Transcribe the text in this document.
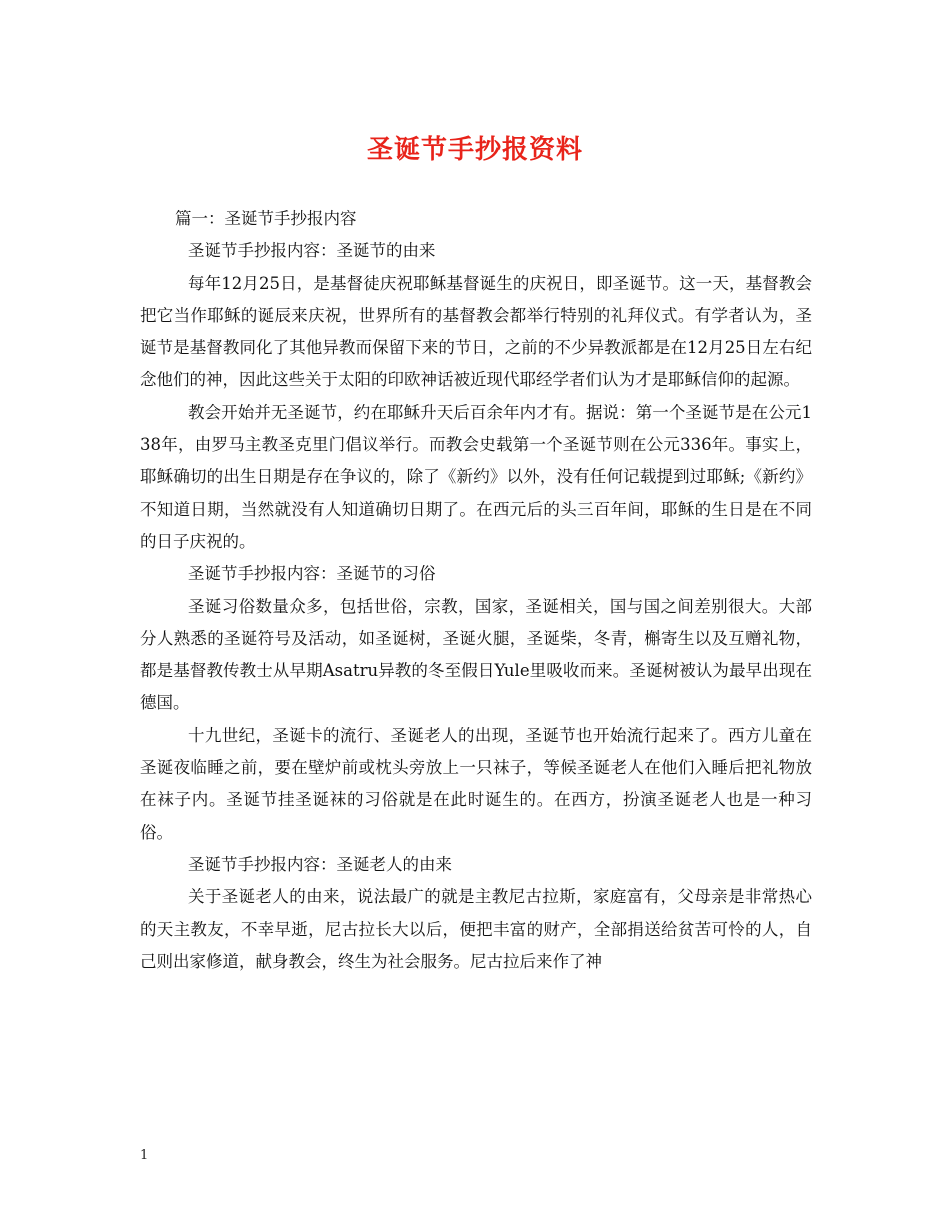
圣诞节手抄报资料

篇一：圣诞节手抄报内容

圣诞节手抄报内容：圣诞节的由来

每年12月25日，是基督徒庆祝耶稣基督诞生的庆祝日，即圣诞节。这一天，基督教会把它当作耶稣的诞辰来庆祝，世界所有的基督教会都举行特别的礼拜仪式。有学者认为，圣诞节是基督教同化了其他异教而保留下来的节日，之前的不少异教派都是在12月25日左右纪念他们的神，因此这些关于太阳的印欧神话被近现代耶经学者们认为才是耶稣信仰的起源。

教会开始并无圣诞节，约在耶稣升天后百余年内才有。据说：第一个圣诞节是在公元138年，由罗马主教圣克里门倡议举行。而教会史载第一个圣诞节则在公元336年。事实上，耶稣确切的出生日期是存在争议的，除了《新约》以外，没有任何记载提到过耶稣;《新约》不知道日期，当然就没有人知道确切日期了。在西元后的头三百年间，耶稣的生日是在不同的日子庆祝的。

圣诞节手抄报内容：圣诞节的习俗

圣诞习俗数量众多，包括世俗，宗教，国家，圣诞相关，国与国之间差别很大。大部分人熟悉的圣诞符号及活动，如圣诞树，圣诞火腿，圣诞柴，冬青，槲寄生以及互赠礼物，都是基督教传教士从早期Asatru异教的冬至假日Yule里吸收而来。圣诞树被认为最早出现在德国。

十九世纪，圣诞卡的流行、圣诞老人的出现，圣诞节也开始流行起来了。西方儿童在圣诞夜临睡之前，要在壁炉前或枕头旁放上一只袜子，等候圣诞老人在他们入睡后把礼物放在袜子内。圣诞节挂圣诞袜的习俗就是在此时诞生的。在西方，扮演圣诞老人也是一种习俗。

圣诞节手抄报内容：圣诞老人的由来

关于圣诞老人的由来，说法最广的就是主教尼古拉斯，家庭富有，父母亲是非常热心的天主教友，不幸早逝，尼古拉长大以后，便把丰富的财产，全部捐送给贫苦可怜的人，自己则出家修道，献身教会，终生为社会服务。尼古拉后来作了神

1
